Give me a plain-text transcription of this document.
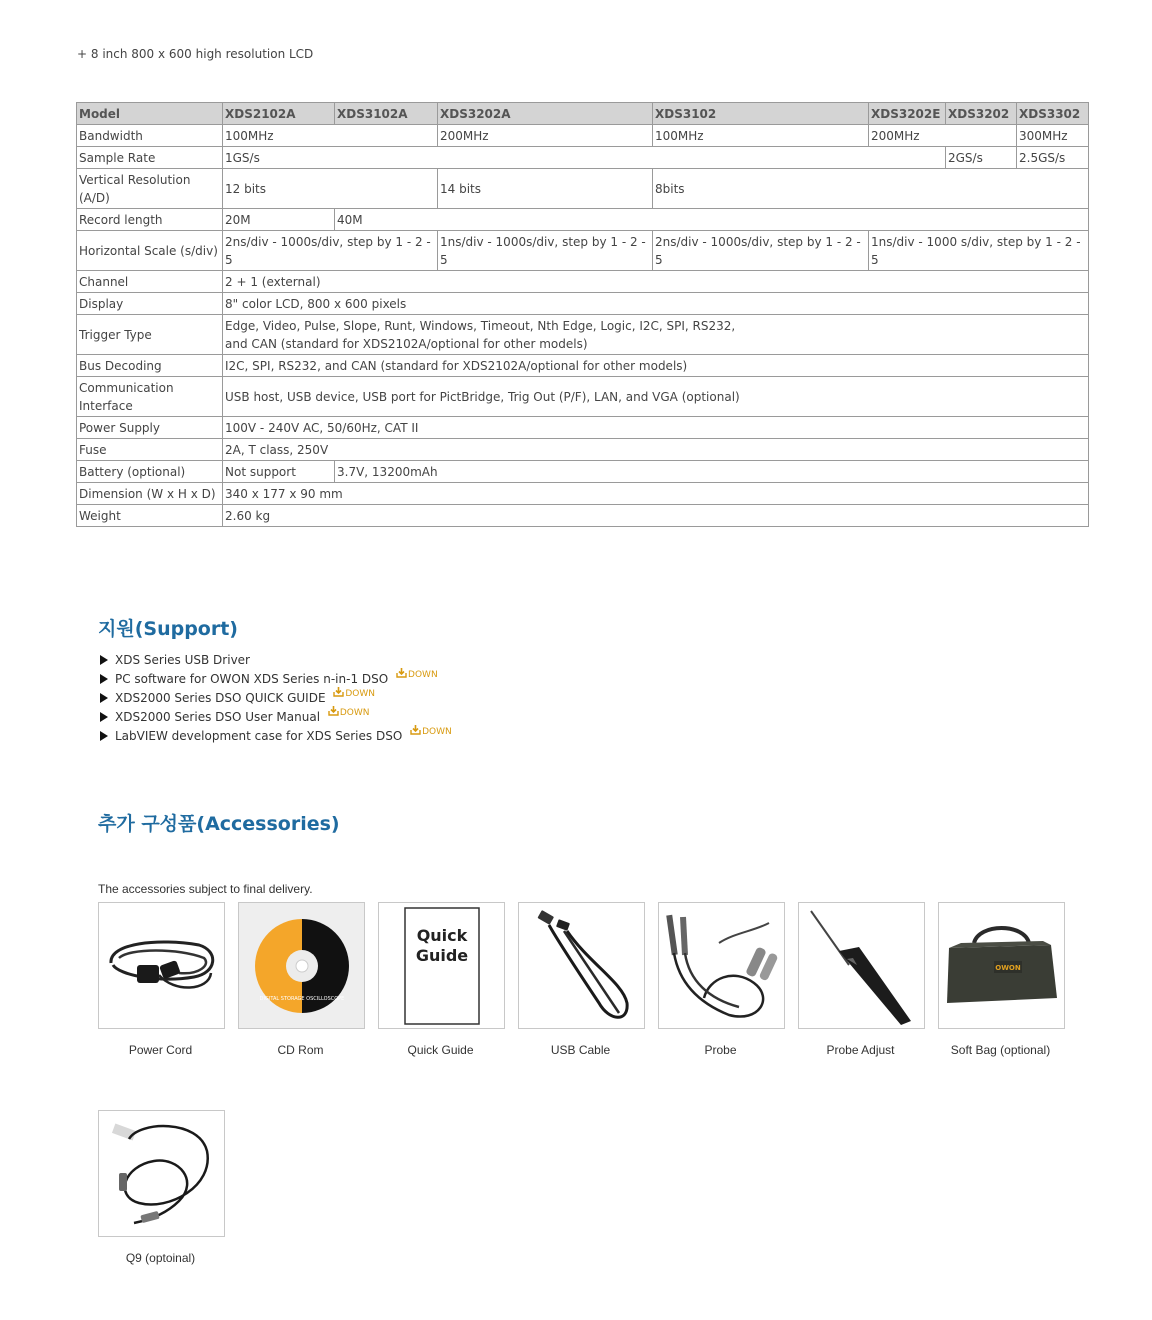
+ 8 inch 800 x 600 high resolution LCD
Model	XDS2102A	XDS3102A	XDS3202A	XDS3102	XDS3202E	XDS3202	XDS3302
Bandwidth	100MHz		200MHz	100MHz	200MHz		300MHz
Sample Rate	1GS/s					2GS/s	2.5GS/s
Vertical Resolution (A/D)	12 bits		14 bits	8bits			
Record length	20M	40M					
Horizontal Scale (s/div)	2ns/div - 1000s/div, step by 1 - 2 - 5		1ns/div - 1000s/div, step by 1 - 2 - 5	2ns/div - 1000s/div, step by 1 - 2 - 5	1ns/div - 1000 s/div, step by 1 - 2 - 5		
Channel	2 + 1 (external)						
Display	8" color LCD, 800 x 600 pixels						
Trigger Type	Edge, Video, Pulse, Slope, Runt, Windows, Timeout, Nth Edge, Logic, I2C, SPI, RS232,
and CAN (standard for XDS2102A/optional for other models)						

Bus Decoding	I2C, SPI, RS232, and CAN (standard for XDS2102A/optional for other models)						
Communication Interface	USB host, USB device, USB port for PictBridge, Trig Out (P/F), LAN, and VGA (optional)						
Power Supply	100V - 240V AC, 50/60Hz, CAT II						
Fuse	2A, T class, 250V						
Battery (optional)	Not support	3.7V, 13200mAh					
Dimension (W x H x D)	340 x 177 x 90 mm						
Weight	2.60 kg						
지원(Support)
XDS Series USB Driver
PC software for OWON XDS Series n-in-1 DSO DOWN
XDS2000 Series DSO QUICK GUIDE DOWN
XDS2000 Series DSO User Manual DOWN
LabVIEW development case for XDS Series DSO DOWN
추가 구성품(Accessories)
The accessories subject to final delivery.
Power Cord
DIGITAL STORAGE OSCILLOSCOPE
CD Rom
Quick
Guide
Quick Guide	USB Cable	Probe	Probe Adjust
OWON
Soft Bag (optional)
Q9 (optoinal)
